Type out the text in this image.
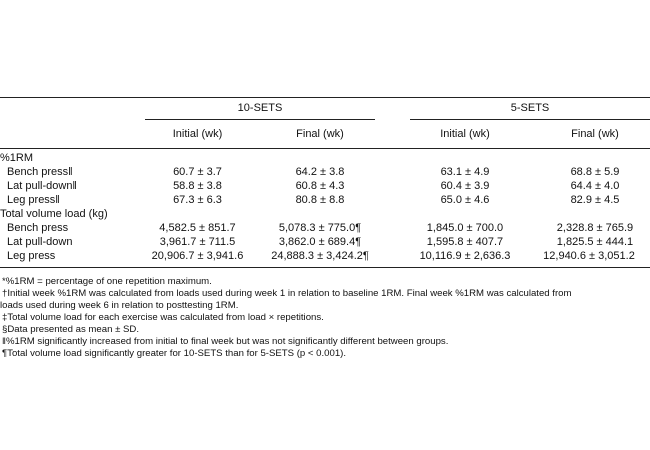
10-SETS	5-SETS
Initial (wk)	Final (wk)	Initial (wk)	Final (wk)
%1RM
Bench press‖	60.7 ± 3.7	64.2 ± 3.8	63.1 ± 4.9	68.8 ± 5.9
Lat pull-down‖	58.8 ± 3.8	60.8 ± 4.3	60.4 ± 3.9	64.4 ± 4.0
Leg press‖	67.3 ± 6.3	80.8 ± 8.8	65.0 ± 4.6	82.9 ± 4.5
Total volume load (kg)
Bench press	4,582.5 ± 851.7	5,078.3 ± 775.0¶	1,845.0 ± 700.0	2,328.8 ± 765.9
Lat pull-down	3,961.7 ± 711.5	3,862.0 ± 689.4¶	1,595.8 ± 407.7	1,825.5 ± 444.1
Leg press	20,906.7 ± 3,941.6	24,888.3 ± 3,424.2¶	10,116.9 ± 2,636.3	12,940.6 ± 3,051.2
*%1RM = percentage of one repetition maximum.
†Initial week %1RM was calculated from loads used during week 1 in relation to baseline 1RM. Final week %1RM was calculated from
loads used during week 6 in relation to posttesting 1RM.
‡Total volume load for each exercise was calculated from load × repetitions.
§Data presented as mean ± SD.
‖%1RM significantly increased from initial to final week but was not significantly different between groups.
¶Total volume load significantly greater for 10-SETS than for 5-SETS (p < 0.001).
